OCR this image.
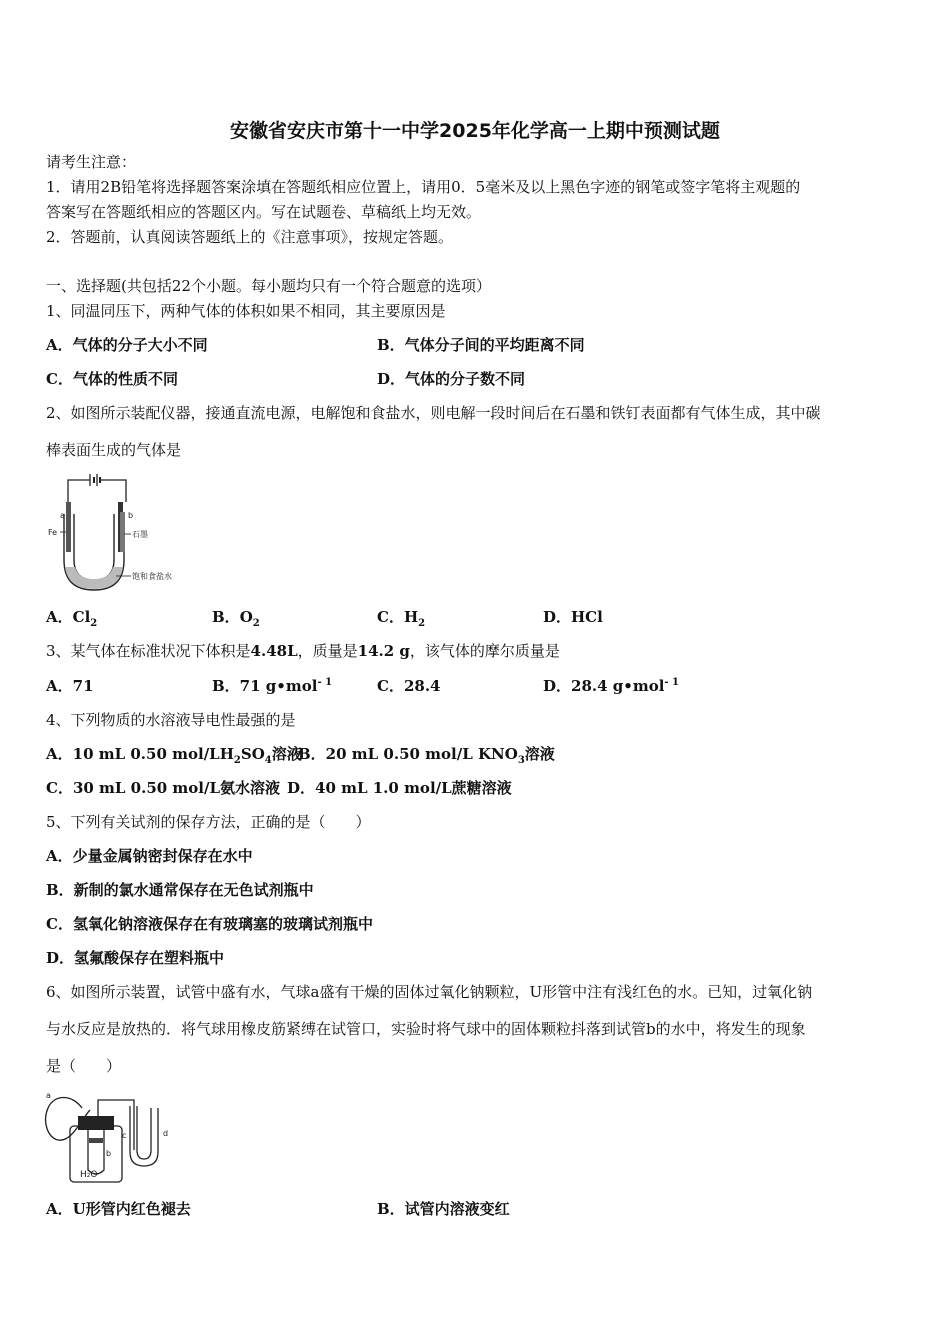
安徽省安庆市第十一中学2025年化学高一上期中预测试题
请考生注意：
1．请用2B铅笔将选择题答案涂填在答题纸相应位置上，请用0．5毫米及以上黑色字迹的钢笔或签字笔将主观题的
答案写在答题纸相应的答题区内。写在试题卷、草稿纸上均无效。
2．答题前，认真阅读答题纸上的《注意事项》，按规定答题。
一、选择题(共包括22个小题。每小题均只有一个符合题意的选项）
1、同温同压下，两种气体的体积如果不相同，其主要原因是
A．气体的分子大小不同	B．气体分子间的平均距离不同
C．气体的性质不同	D．气体的分子数不同
2、如图所示装配仪器，接通直流电源，电解饱和食盐水，则电解一段时间后在石墨和铁钉表面都有气体生成，其中碳
棒表面生成的气体是
a	b
Fe	石墨
饱和食盐水
A．$Cl_2$	B．$O_2$	C．$H_2$	D．HCl
3、某气体在标准状况下体积是4.48L，质量是14.2 g，该气体的摩尔质量是
A．71	B．71 g•mol$^{- 1}$	C．28.4	D．28.4 g•mol$^{- 1}$
4、下列物质的水溶液导电性最强的是
A．10 mL 0.50 mol/$LH_2SO_4$溶液
B．20 mL 0.50 mol/L $KNO_3$溶液
C．30 mL 0.50 mol/L氨水溶液 D．40 mL 1.0 mol/L蔗糖溶液
5、下列有关试剂的保存方法，正确的是（　　）
A．少量金属钠密封保存在水中
B．新制的氯水通常保存在无色试剂瓶中
C．氢氧化钠溶液保存在有玻璃塞的玻璃试剂瓶中
D．氢氟酸保存在塑料瓶中
6、如图所示装置，试管中盛有水，气球a盛有干燥的固体过氧化钠颗粒，U形管中注有浅红色的水。已知，过氧化钠
与水反应是放热的．将气球用橡皮筋紧缚在试管口，实验时将气球中的固体颗粒抖落到试管b的水中，将发生的现象
是（　　）
a
b
H₂O
c	d
A．U形管内红色褪去	B．试管内溶液变红
